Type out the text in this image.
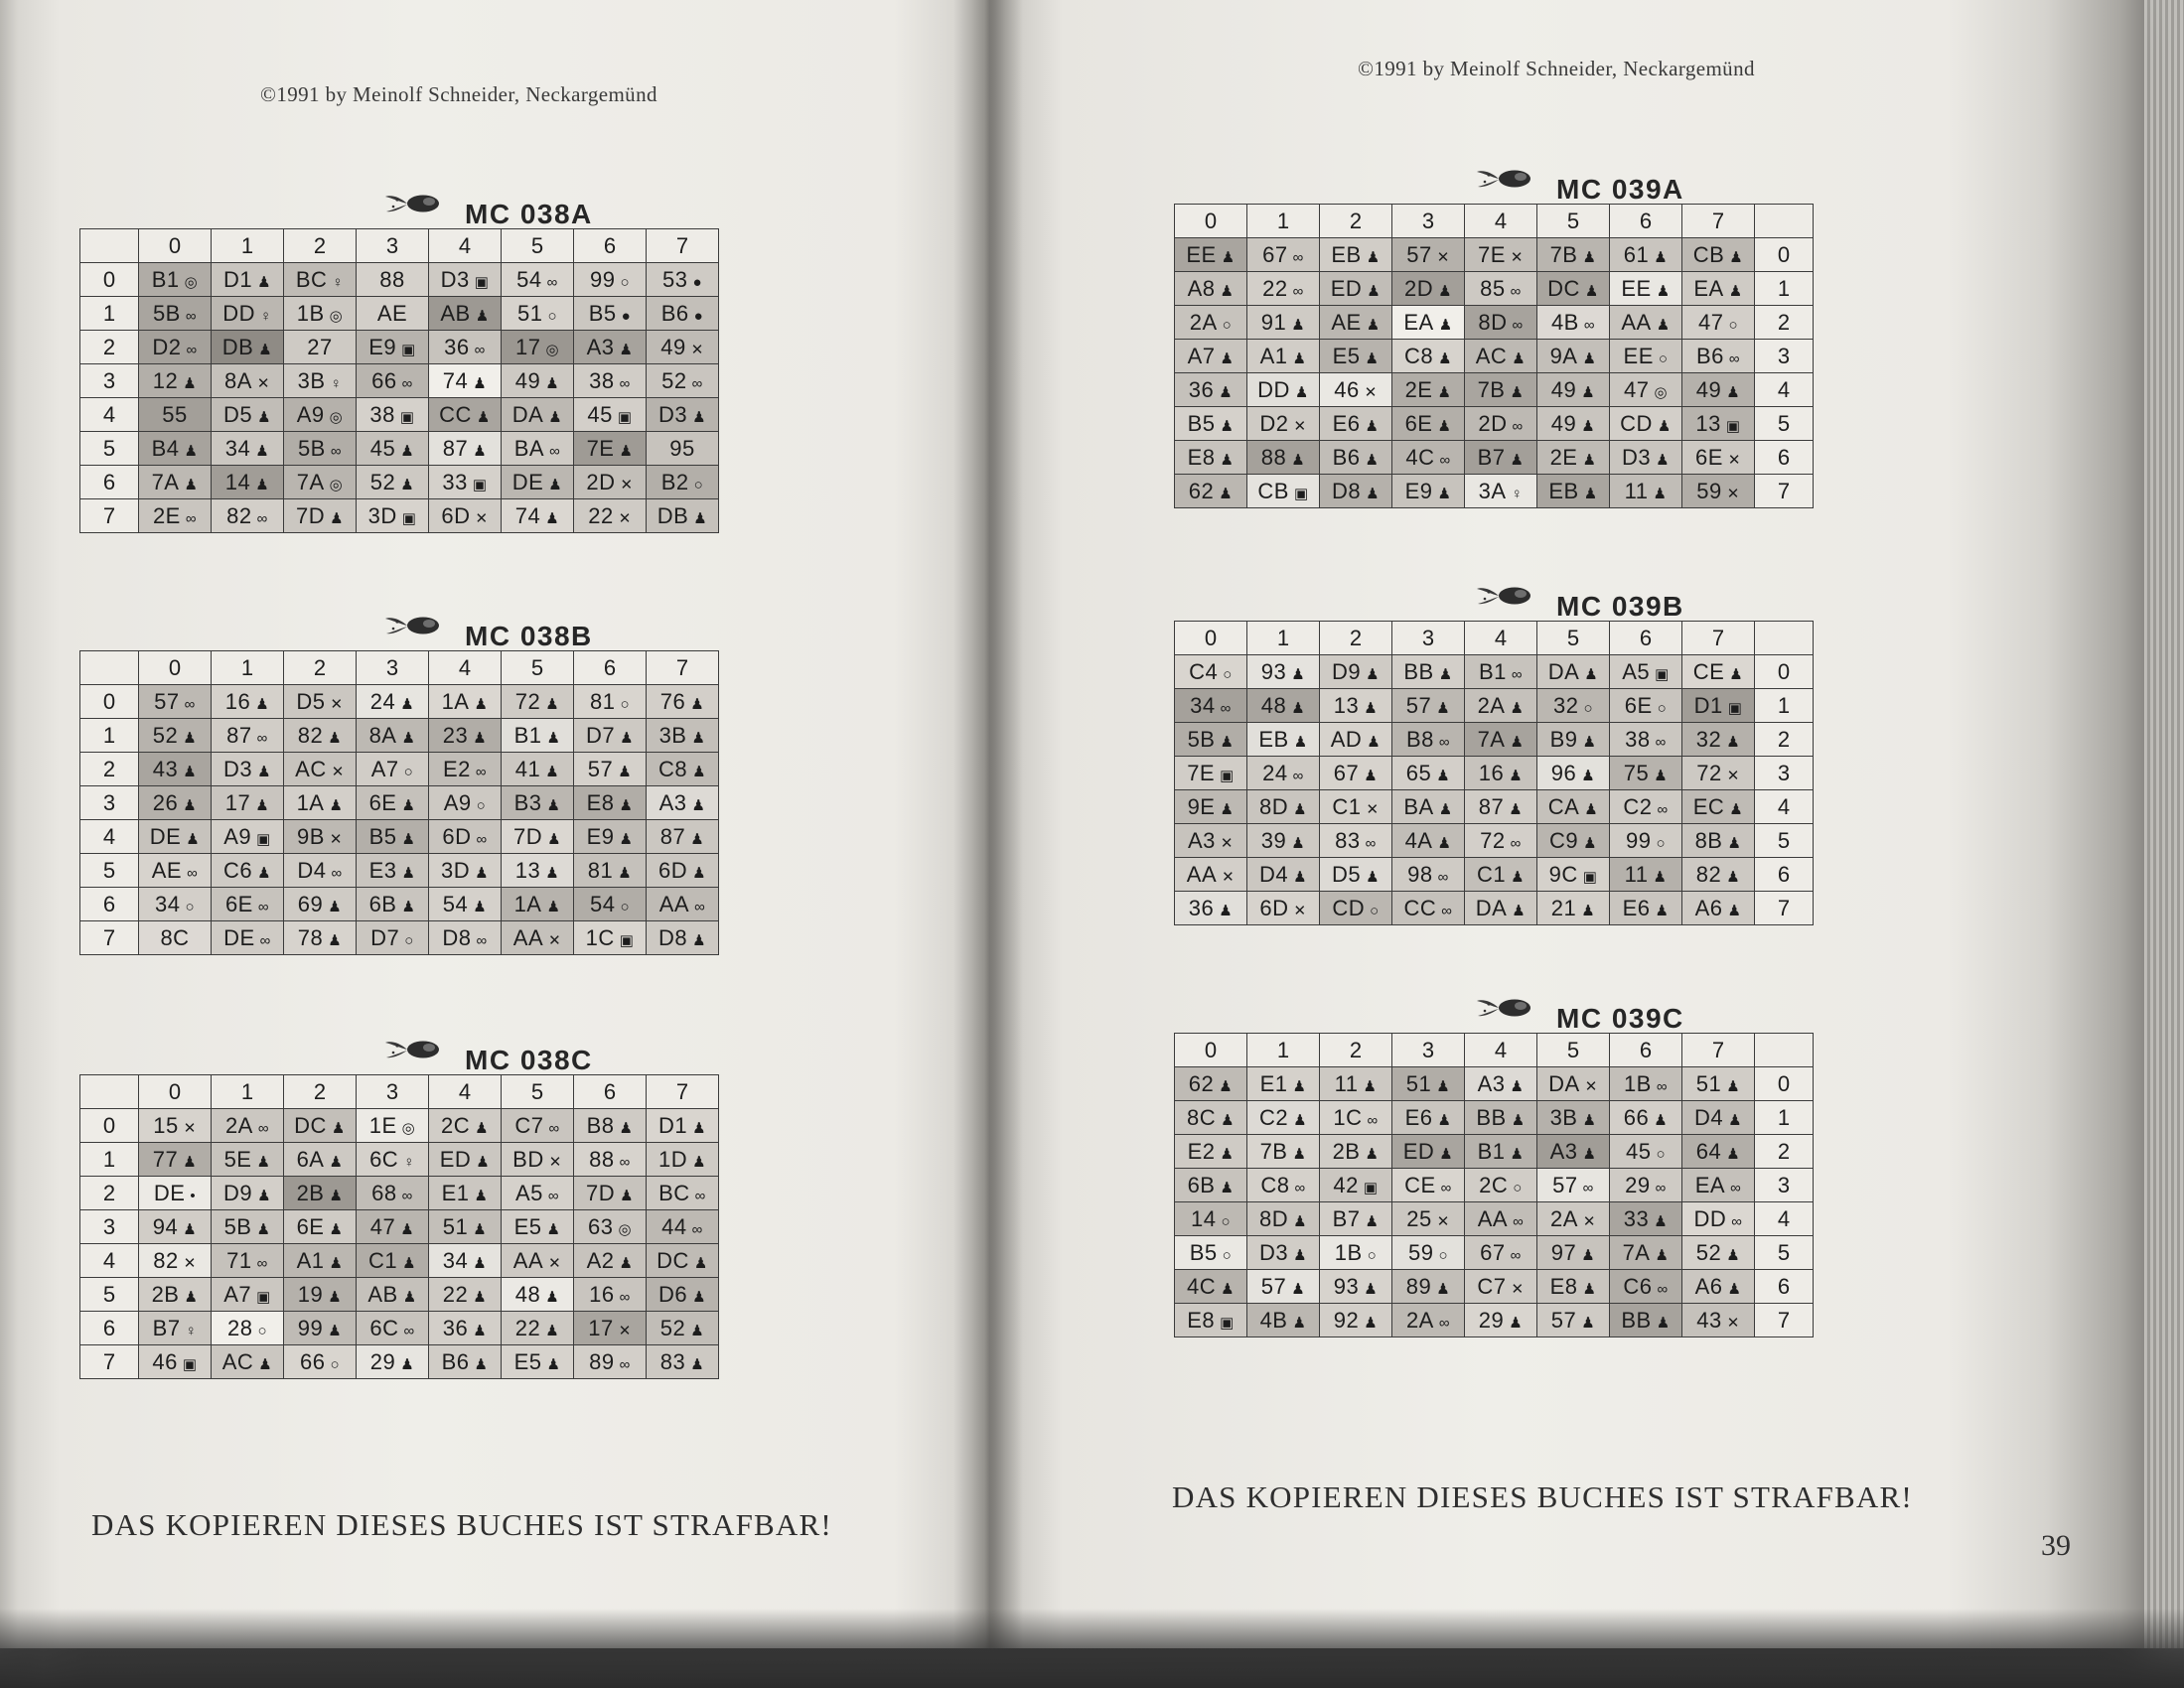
©1991 by Meinolf Schneider, Neckargemünd
©1991 by Meinolf Schneider, Neckargemünd
	0	1	2	3	4	5	6	7
0	B1 ◎	D1 ♟	BC ♀	88	D3 ▣	54 ∞	99 ○	53 ●
1	5B ∞	DD ♀	1B ◎	AE	AB ♟	51 ○	B5 ●	B6 ●
2	D2 ∞	DB ♟	27	E9 ▣	36 ∞	17 ◎	A3 ♟	49 ✕
3	12 ♟	8A ✕	3B ♀	66 ∞	74 ♟	49 ♟	38 ∞	52 ∞
4	55	D5 ♟	A9 ◎	38 ▣	CC ♟	DA ♟	45 ▣	D3 ♟
5	B4 ♟	34 ♟	5B ∞	45 ♟	87 ♟	BA ∞	7E ♟	95
6	7A ♟	14 ♟	7A ◎	52 ♟	33 ▣	DE ♟	2D ✕	B2 ○
7	2E ∞	82 ∞	7D ♟	3D ▣	6D ✕	74 ♟	22 ✕	DB ♟
MC 038A
	0	1	2	3	4	5	6	7
0	57 ∞	16 ♟	D5 ✕	24 ♟	1A ♟	72 ♟	81 ○	76 ♟
1	52 ♟	87 ∞	82 ♟	8A ♟	23 ♟	B1 ♟	D7 ♟	3B ♟
2	43 ♟	D3 ♟	AC ✕	A7 ○	E2 ∞	41 ♟	57 ♟	C8 ♟
3	26 ♟	17 ♟	1A ♟	6E ♟	A9 ○	B3 ♟	E8 ♟	A3 ♟
4	DE ♟	A9 ▣	9B ✕	B5 ♟	6D ∞	7D ♟	E9 ♟	87 ♟
5	AE ∞	C6 ♟	D4 ∞	E3 ♟	3D ♟	13 ♟	81 ♟	6D ♟
6	34 ○	6E ∞	69 ♟	6B ♟	54 ♟	1A ♟	54 ○	AA ∞
7	8C	DE ∞	78 ♟	D7 ○	D8 ∞	AA ✕	1C ▣	D8 ♟
MC 038B
	0	1	2	3	4	5	6	7
0	15 ✕	2A ∞	DC ♟	1E ◎	2C ♟	C7 ∞	B8 ♟	D1 ♟
1	77 ♟	5E ♟	6A ♟	6C ♀	ED ♟	BD ✕	88 ∞	1D ♟
2	DE •	D9 ♟	2B ♟	68 ∞	E1 ♟	A5 ∞	7D ♟	BC ∞
3	94 ♟	5B ♟	6E ♟	47 ♟	51 ♟	E5 ♟	63 ◎	44 ∞
4	82 ✕	71 ∞	A1 ♟	C1 ♟	34 ♟	AA ✕	A2 ♟	DC ♟
5	2B ♟	A7 ▣	19 ♟	AB ♟	22 ♟	48 ♟	16 ∞	D6 ♟
6	B7 ♀	28 ○	99 ♟	6C ∞	36 ♟	22 ♟	17 ✕	52 ♟
7	46 ▣	AC ♟	66 ○	29 ♟	B6 ♟	E5 ♟	89 ∞	83 ♟
MC 038C
0	1	2	3	4	5	6	7	
EE ♟	67 ∞	EB ♟	57 ✕	7E ✕	7B ♟	61 ♟	CB ♟	0
A8 ♟	22 ∞	ED ♟	2D ♟	85 ∞	DC ♟	EE ♟	EA ♟	1
2A ○	91 ♟	AE ♟	EA ♟	8D ∞	4B ∞	AA ♟	47 ○	2
A7 ♟	A1 ♟	E5 ♟	C8 ♟	AC ♟	9A ♟	EE ○	B6 ∞	3
36 ♟	DD ♟	46 ✕	2E ♟	7B ♟	49 ♟	47 ◎	49 ♟	4
B5 ♟	D2 ✕	E6 ♟	6E ♟	2D ∞	49 ♟	CD ♟	13 ▣	5
E8 ♟	88 ♟	B6 ♟	4C ∞	B7 ♟	2E ♟	D3 ♟	6E ✕	6
62 ♟	CB ▣	D8 ♟	E9 ♟	3A ♀	EB ♟	11 ♟	59 ✕	7
MC 039A
0	1	2	3	4	5	6	7	
C4 ○	93 ♟	D9 ♟	BB ♟	B1 ∞	DA ♟	A5 ▣	CE ♟	0
34 ∞	48 ♟	13 ♟	57 ♟	2A ♟	32 ○	6E ○	D1 ▣	1
5B ♟	EB ♟	AD ♟	B8 ∞	7A ♟	B9 ♟	38 ∞	32 ♟	2
7E ▣	24 ∞	67 ♟	65 ♟	16 ♟	96 ♟	75 ♟	72 ✕	3
9E ♟	8D ♟	C1 ✕	BA ♟	87 ♟	CA ♟	C2 ∞	EC ♟	4
A3 ✕	39 ♟	83 ∞	4A ♟	72 ∞	C9 ♟	99 ○	8B ♟	5
AA ✕	D4 ♟	D5 ♟	98 ∞	C1 ♟	9C ▣	11 ♟	82 ♟	6
36 ♟	6D ✕	CD ○	CC ∞	DA ♟	21 ♟	E6 ♟	A6 ♟	7
MC 039B
0	1	2	3	4	5	6	7	
62 ♟	E1 ♟	11 ♟	51 ♟	A3 ♟	DA ✕	1B ∞	51 ♟	0
8C ♟	C2 ♟	1C ∞	E6 ♟	BB ♟	3B ♟	66 ♟	D4 ♟	1
E2 ♟	7B ♟	2B ♟	ED ♟	B1 ♟	A3 ♟	45 ○	64 ♟	2
6B ♟	C8 ∞	42 ▣	CE ∞	2C ○	57 ∞	29 ∞	EA ∞	3
14 ○	8D ♟	B7 ♟	25 ✕	AA ∞	2A ✕	33 ♟	DD ∞	4
B5 ○	D3 ♟	1B ○	59 ○	67 ∞	97 ♟	7A ♟	52 ♟	5
4C ♟	57 ♟	93 ♟	89 ♟	C7 ✕	E8 ♟	C6 ∞	A6 ♟	6
E8 ▣	4B ♟	92 ♟	2A ∞	29 ♟	57 ♟	BB ♟	43 ✕	7
MC 039C
DAS KOPIEREN DIESES BUCHES IST STRAFBAR!
DAS KOPIEREN DIESES BUCHES IST STRAFBAR!
39
